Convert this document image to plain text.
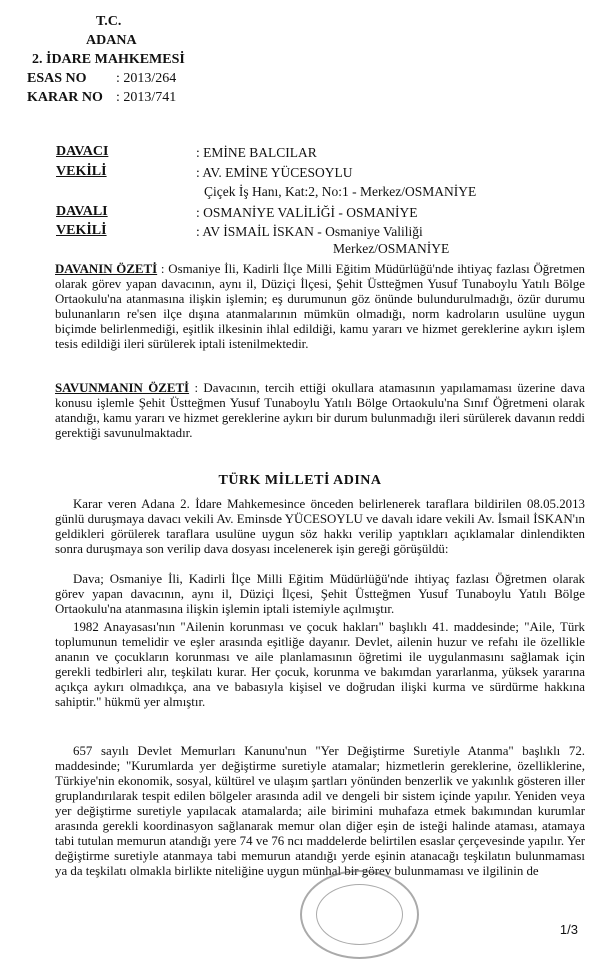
T.C.
ADANA
2. İDARE MAHKEMESİ
ESAS NO : 2013/264
KARAR NO : 2013/741
DAVACI	: EMİNE BALCILAR
VEKİLİ	: AV. EMİNE YÜCESOYLU
Çiçek İş Hanı, Kat:2, No:1 - Merkez/OSMANİYE
DAVALI	: OSMANİYE VALİLİĞİ - OSMANİYE
VEKİLİ	: AV İSMAİL İSKAN - Osmaniye Valiliği
Merkez/OSMANİYE

DAVANIN ÖZETİ : Osmaniye İli, Kadirli İlçe Milli Eğitim Müdürlüğü'nde ihtiyaç fazlası Öğretmen olarak görev yapan davacının, aynı il, Düziçi İlçesi, Şehit Üstteğmen Yusuf Tunaboylu Yatılı Bölge Ortaokulu'na atanmasına ilişkin işlemin; eş durumunun göz önünde bulundurulmadığı, özür durumu bulunanların re'sen ilçe dışına atanmalarının mümkün olmadığı, norm kadroların usulüne uygun biçimde belirlenmediği, eşitlik ilkesinin ihlal edildiği, kamu yararı ve hizmet gereklerine aykırı işlem tesis edildiği ileri sürülerek iptali istenilmektedir.

SAVUNMANIN ÖZETİ : Davacının, tercih ettiği okullara atamasının yapılamaması üzerine dava konusu işlemle Şehit Üstteğmen Yusuf Tunaboylu Yatılı Bölge Ortaokulu'na Sınıf Öğretmeni olarak atandığı, kamu yararı ve hizmet gereklerine aykırı bir durum bulunmadığı ileri sürülerek davanın reddi gerektiği savunulmaktadır.

TÜRK MİLLETİ ADINA

Karar veren Adana 2. İdare Mahkemesince önceden belirlenerek taraflara bildirilen 08.05.2013 günlü duruşmaya davacı vekili Av. Eminsde YÜCESOYLU ve davalı idare vekili Av. İsmail İSKAN'ın geldikleri görülerek taraflara usulüne uygun söz hakkı verilip yaptıkları açıklamalar dinlendikten sonra duruşmaya son verilip dava dosyası incelenerek işin gereği görüşüldü:

Dava; Osmaniye İli, Kadirli İlçe Milli Eğitim Müdürlüğü'nde ihtiyaç fazlası Öğretmen olarak görev yapan davacının, aynı il, Düziçi İlçesi, Şehit Üstteğmen Yusuf Tunaboylu Yatılı Bölge Ortaokulu'na atanmasına ilişkin işlemin iptali istemiyle açılmıştır.

1982 Anayasası'nın "Ailenin korunması ve çocuk hakları" başlıklı 41. maddesinde; "Aile, Türk toplumunun temelidir ve eşler arasında eşitliğe dayanır. Devlet, ailenin huzur ve refahı ile özellikle ananın ve çocukların korunması ve aile planlamasının öğretimi ile uygulanmasını sağlamak için gerekli tedbirleri alır, teşkilatı kurar. Her çocuk, korunma ve bakımdan yararlanma, yüksek yararına açıkça aykırı olmadıkça, ana ve babasıyla kişisel ve doğrudan ilişki kurma ve sürdürme hakkına sahiptir." hükmü yer almıştır.

657 sayılı Devlet Memurları Kanunu'nun "Yer Değiştirme Suretiyle Atanma" başlıklı 72. maddesinde; "Kurumlarda yer değiştirme suretiyle atamalar; hizmetlerin gereklerine, özelliklerine, Türkiye'nin ekonomik, sosyal, kültürel ve ulaşım şartları yönünden benzerlik ve yakınlık gösteren iller gruplandırılarak tespit edilen bölgeler arasında adil ve dengeli bir sistem içinde yapılır. Yeniden veya yer değiştirme suretiyle yapılacak atamalarda; aile birimini muhafaza etmek bakımından kurumlar arasında gerekli koordinasyon sağlanarak memur olan diğer eşin de isteği halinde ataması, atamaya tabi tutulan memurun atandığı yere 74 ve 76 ncı maddelerde belirtilen esaslar çerçevesinde yapılır. Yer değiştirme suretiyle atanmaya tabi memurun atandığı yerde eşinin atanacağı teşkilatın bulunmaması ya da teşkilatı olmakla birlikte niteliğine uygun münhal bir görev bulunmaması ve ilgilinin de

1/3
